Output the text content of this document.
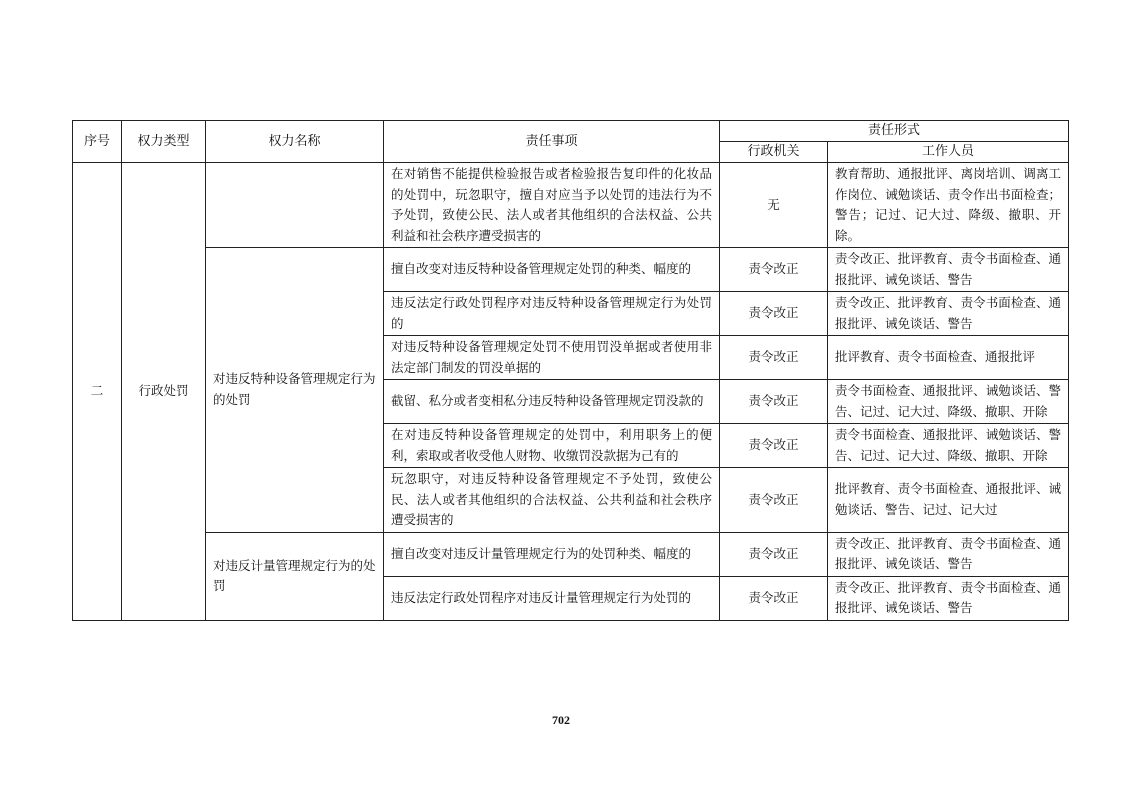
序号	权力类型	权力名称	责任事项	责任形式	
				行政机关	工作人员
二	行政处罚		在对销售不能提供检验报告或者检验报告复印件的化妆品的处罚中，玩忽职守，擅自对应当予以处罚的违法行为不予处罚，致使公民、法人或者其他组织的合法权益、公共利益和社会秩序遭受损害的	无	教育帮助、通报批评、离岗培训、调离工作岗位、诫勉谈话、责令作出书面检查；警告；记过、记大过、降级、撤职、开除。
		对违反特种设备管理规定行为的处罚	擅自改变对违反特种设备管理规定处罚的种类、幅度的	责令改正	责令改正、批评教育、责令书面检查、通报批评、诫免谈话、警告
			违反法定行政处罚程序对违反特种设备管理规定行为处罚的	责令改正	责令改正、批评教育、责令书面检查、通报批评、诫免谈话、警告
			对违反特种设备管理规定处罚不使用罚没单据或者使用非法定部门制发的罚没单据的	责令改正	批评教育、责令书面检查、通报批评
			截留、私分或者变相私分违反特种设备管理规定罚没款的	责令改正	责令书面检查、通报批评、诫勉谈话、警告、记过、记大过、降级、撤职、开除
			在对违反特种设备管理规定的处罚中，利用职务上的便利，索取或者收受他人财物、收缴罚没款据为己有的	责令改正	责令书面检查、通报批评、诫勉谈话、警告、记过、记大过、降级、撤职、开除
			玩忽职守，对违反特种设备管理规定不予处罚，致使公民、法人或者其他组织的合法权益、公共利益和社会秩序遭受损害的	责令改正	批评教育、责令书面检查、通报批评、诫勉谈话、警告、记过、记大过
		对违反计量管理规定行为的处罚	擅自改变对违反计量管理规定行为的处罚种类、幅度的	责令改正	责令改正、批评教育、责令书面检查、通报批评、诫免谈话、警告
			违反法定行政处罚程序对违反计量管理规定行为处罚的	责令改正	责令改正、批评教育、责令书面检查、通报批评、诫免谈话、警告
702
